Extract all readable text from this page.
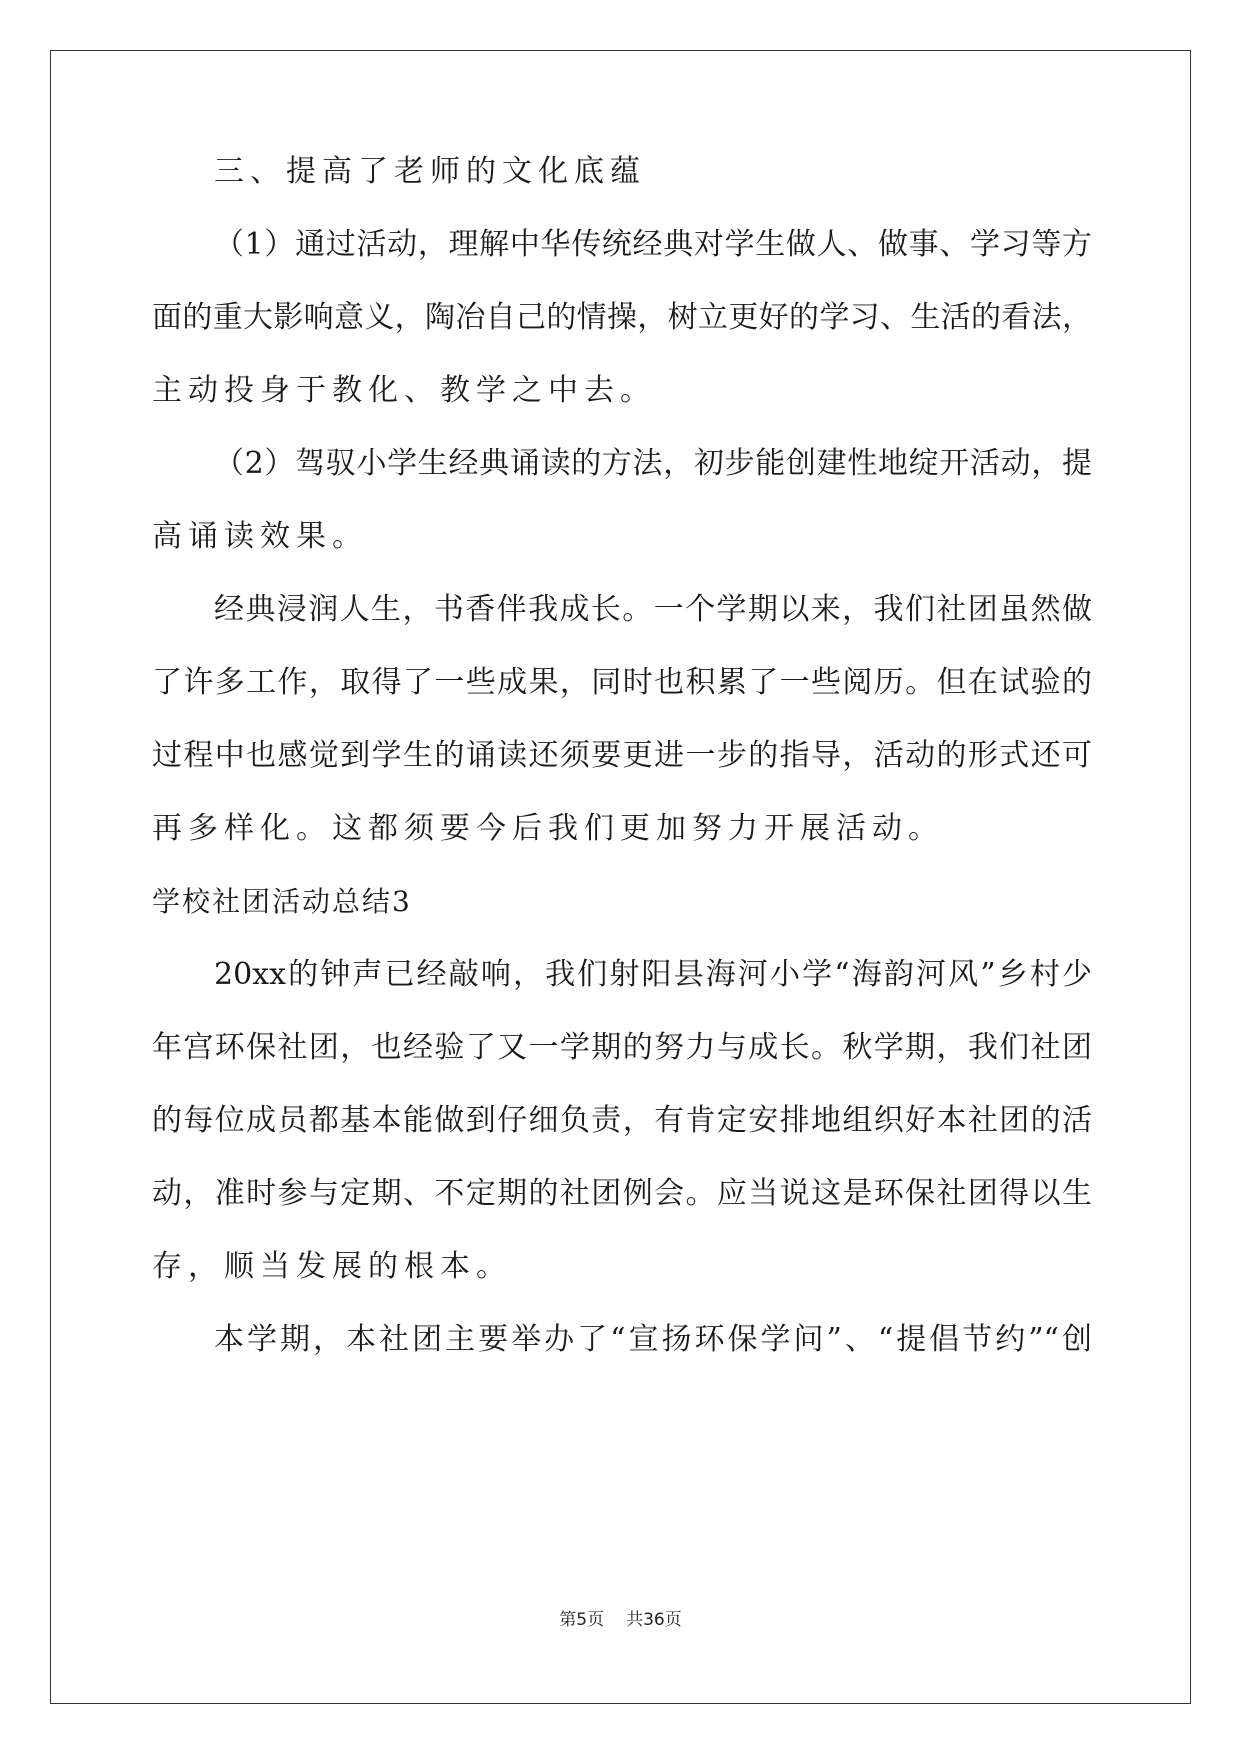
三、提高了老师的文化底蕴
（1）通过活动，理解中华传统经典对学生做人、做事、学习等方
面的重大影响意义，陶冶自己的情操，树立更好的学习、生活的看法，
主动投身于教化、教学之中去。
（2）驾驭小学生经典诵读的方法，初步能创建性地绽开活动，提
高诵读效果。
经典浸润人生，书香伴我成长。一个学期以来，我们社团虽然做
了许多工作，取得了一些成果，同时也积累了一些阅历。但在试验的
过程中也感觉到学生的诵读还须要更进一步的指导，活动的形式还可
再多样化。这都须要今后我们更加努力开展活动。
学校社团活动总结3
20xx的钟声已经敲响，我们射阳县海河小学“海韵河风”乡村少
年宫环保社团，也经验了又一学期的努力与成长。秋学期，我们社团
的每位成员都基本能做到仔细负责，有肯定安排地组织好本社团的活
动，准时参与定期、不定期的社团例会。应当说这是环保社团得以生
存，顺当发展的根本。
本学期，本社团主要举办了“宣扬环保学问”、“提倡节约”“创
第5页 共36页
